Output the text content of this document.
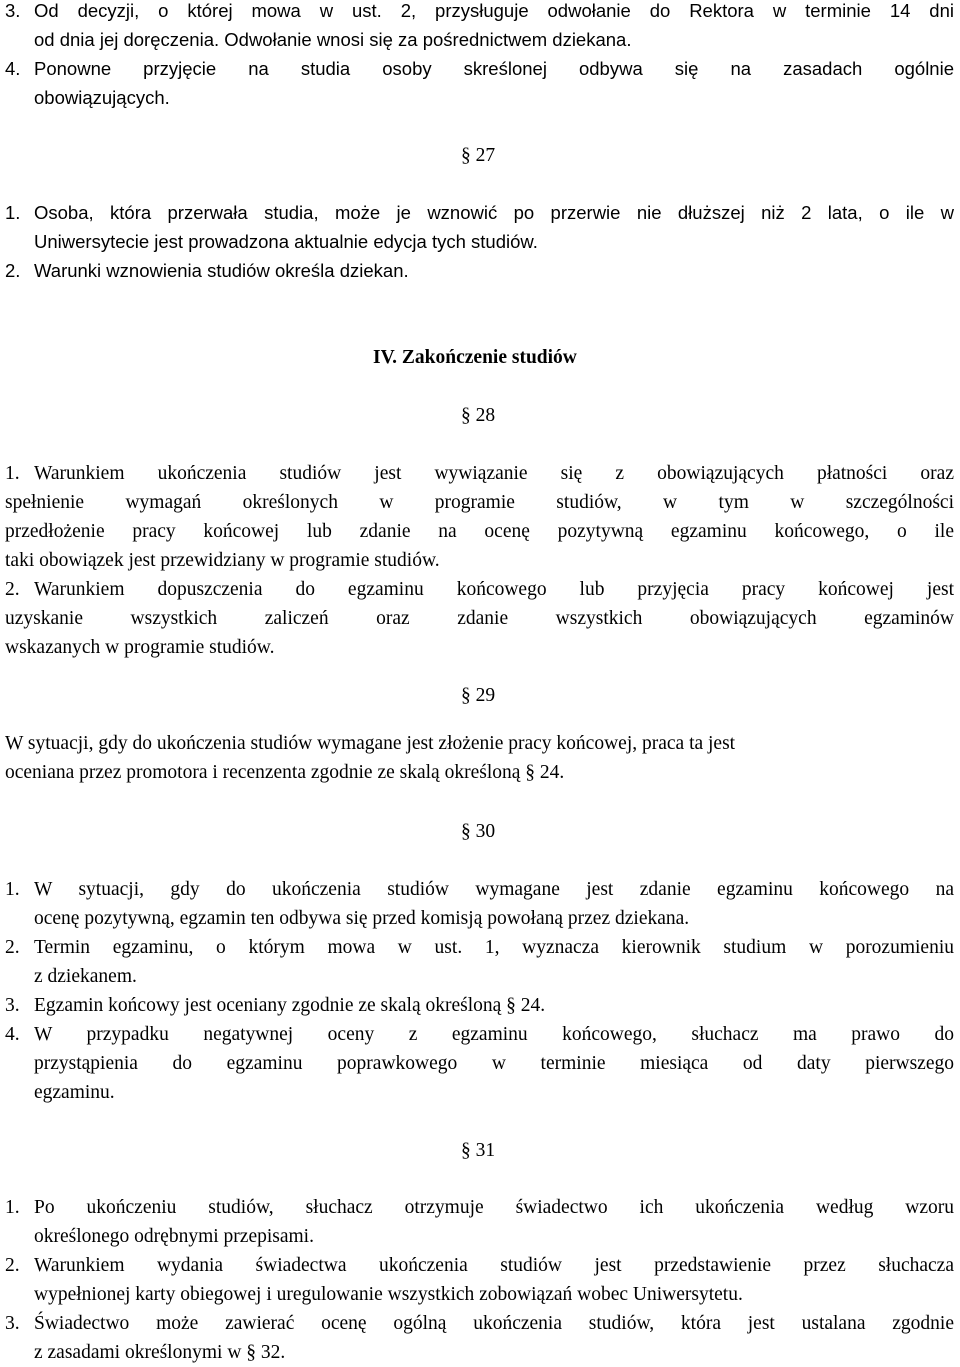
3. Od decyzji, o której mowa w ust. 2, przysługuje odwołanie do Rektora w terminie 14 dni
od dnia jej doręczenia. Odwołanie wnosi się za pośrednictwem dziekana.
4. Ponowne przyjęcie na studia osoby skreślonej odbywa się na zasadach ogólnie
obowiązujących.
§ 27
1. Osoba, która przerwała studia, może je wznowić po przerwie nie dłuższej niż 2 lata, o ile w
Uniwersytecie jest prowadzona aktualnie edycja tych studiów.
2. Warunki wznowienia studiów określa dziekan.
IV. Zakończenie studiów
§ 28
1. Warunkiem ukończenia studiów jest wywiązanie się z obowiązujących płatności oraz
spełnienie wymagań określonych w programie studiów, w tym w szczególności
przedłożenie pracy końcowej lub zdanie na ocenę pozytywną egzaminu końcowego, o ile
taki obowiązek jest przewidziany w programie studiów.
2. Warunkiem dopuszczenia do egzaminu końcowego lub przyjęcia pracy końcowej jest
uzyskanie wszystkich zaliczeń oraz zdanie wszystkich obowiązujących egzaminów
wskazanych w programie studiów.
§ 29
W sytuacji, gdy do ukończenia studiów wymagane jest złożenie pracy końcowej, praca ta jest
oceniana przez promotora i recenzenta zgodnie ze skalą określoną § 24.
§ 30
1. W sytuacji, gdy do ukończenia studiów wymagane jest zdanie egzaminu końcowego na
ocenę pozytywną, egzamin ten odbywa się przed komisją powołaną przez dziekana.
2. Termin egzaminu, o którym mowa w ust. 1, wyznacza kierownik studium w porozumieniu
z dziekanem.
3. Egzamin końcowy jest oceniany zgodnie ze skalą określoną § 24.
4. W przypadku negatywnej oceny z egzaminu końcowego, słuchacz ma prawo do
przystąpienia do egzaminu poprawkowego w terminie miesiąca od daty pierwszego
egzaminu.
§ 31
1. Po ukończeniu studiów, słuchacz otrzymuje świadectwo ich ukończenia według wzoru
określonego odrębnymi przepisami.
2. Warunkiem wydania świadectwa ukończenia studiów jest przedstawienie przez słuchacza
wypełnionej karty obiegowej i uregulowanie wszystkich zobowiązań wobec Uniwersytetu.
3. Świadectwo może zawierać ocenę ogólną ukończenia studiów, która jest ustalana zgodnie
z zasadami określonymi w § 32.
